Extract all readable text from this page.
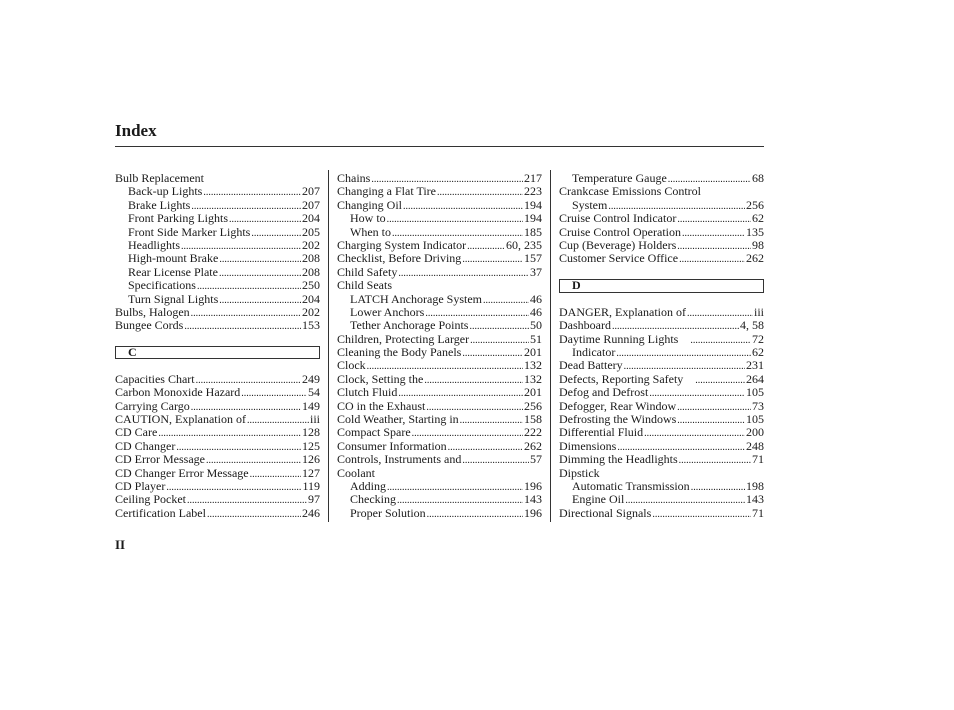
Index
Bulb Replacement
Back-up Lights .....	207
Brake Lights .....	207
Front Parking Lights .....	204
Front Side Marker Lights .....	205
Headlights .....	202
High-mount Brake .....	208
Rear License Plate .....	208
Specifications .....	250
Turn Signal Lights .....	204
Bulbs, Halogen .....	202
Bungee Cords .....	153
C
Capacities Chart .....	249
Carbon Monoxide Hazard .....	54
Carrying Cargo .....	149
CAUTION, Explanation of .....	iii
CD Care .....	128
CD Changer .....	125
CD Error Message .....	126
CD Changer Error Message .....	127
CD Player .....	119
Ceiling Pocket .....	97
Certification Label .....	246
Chains .....	217
Changing a Flat Tire .....	223
Changing Oil .....	194
How to .....	194
When to .....	185
Charging System Indicator .....	60, 235
Checklist, Before Driving .....	157
Child Safety .....	37
Child Seats
LATCH Anchorage System .....	46
Lower Anchors .....	46
Tether Anchorage Points .....	50
Children, Protecting Larger .....	51
Cleaning the Body Panels .....	201
Clock .....	132
Clock, Setting the .....	132
Clutch Fluid .....	201
CO in the Exhaust .....	256
Cold Weather, Starting in .....	158
Compact Spare .....	222
Consumer Information .....	262
Controls, Instruments and .....	57
Coolant
Adding .....	196
Checking .....	143
Proper Solution .....	196
Temperature Gauge .....	68
Crankcase Emissions Control
System .....	256
Cruise Control Indicator .....	62
Cruise Control Operation .....	135
Cup (Beverage) Holders .....	98
Customer Service Office .....	262
D
DANGER, Explanation of .....	iii
Dashboard .....	4, 58
Daytime Running Lights .....	72
Indicator .....	62
Dead Battery .....	231
Defects, Reporting Safety .....	264
Defog and Defrost .....	105
Defogger, Rear Window .....	73
Defrosting the Windows .....	105
Differential Fluid .....	200
Dimensions .....	248
Dimming the Headlights .....	71
Dipstick
Automatic Transmission .....	198
Engine Oil .....	143
Directional Signals .....	71
II
